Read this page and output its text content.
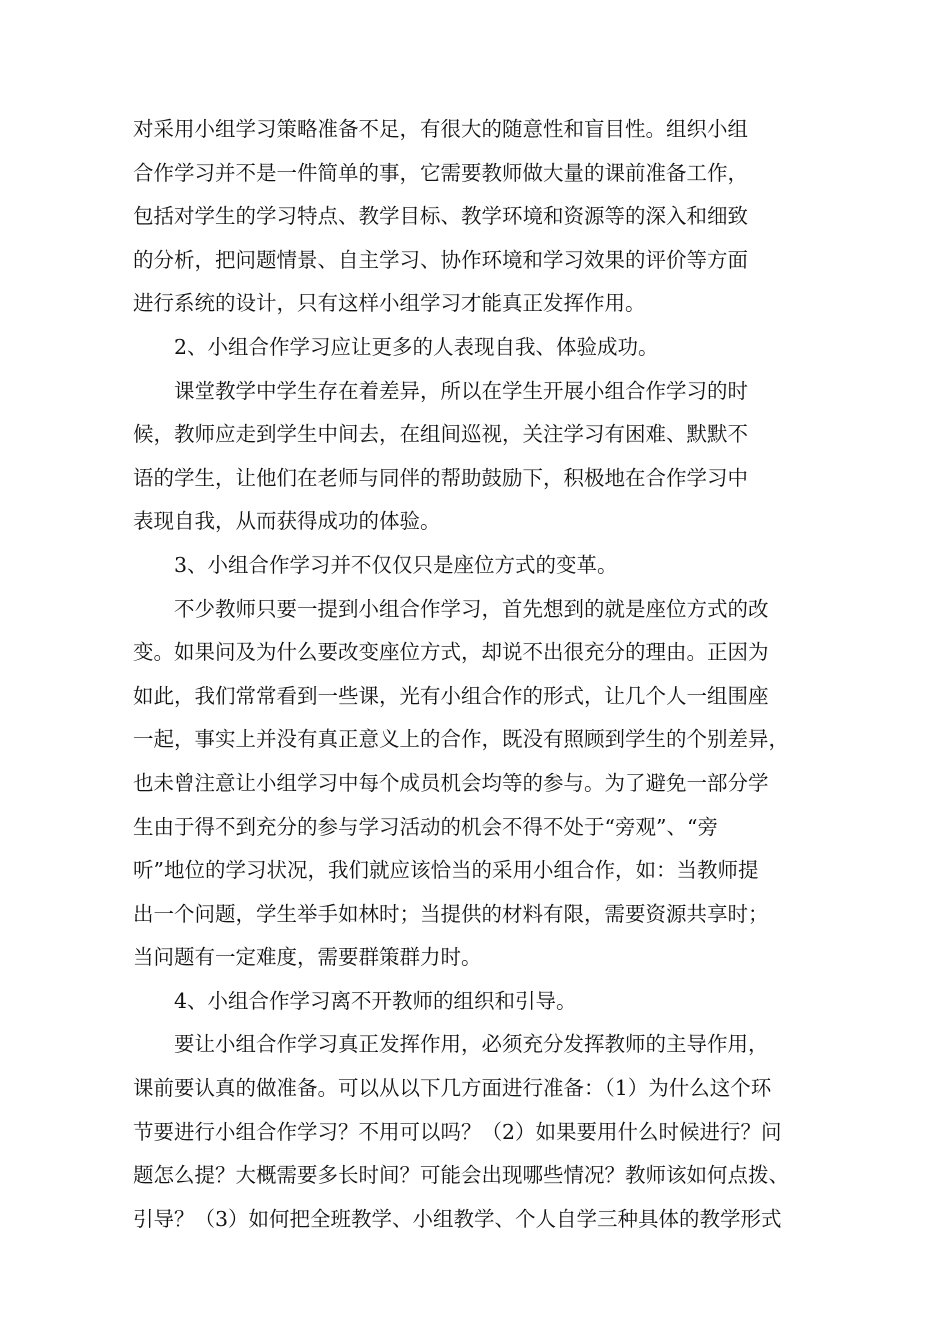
对采用小组学习策略准备不足，有很大的随意性和盲目性。组织小组
合作学习并不是一件简单的事，它需要教师做大量的课前准备工作，
包括对学生的学习特点、教学目标、教学环境和资源等的深入和细致
的分析，把问题情景、自主学习、协作环境和学习效果的评价等方面
进行系统的设计，只有这样小组学习才能真正发挥作用。
2、小组合作学习应让更多的人表现自我、体验成功。
课堂教学中学生存在着差异，所以在学生开展小组合作学习的时
候，教师应走到学生中间去，在组间巡视，关注学习有困难、默默不
语的学生，让他们在老师与同伴的帮助鼓励下，积极地在合作学习中
表现自我，从而获得成功的体验。
3、小组合作学习并不仅仅只是座位方式的变革。
不少教师只要一提到小组合作学习，首先想到的就是座位方式的改
变。如果问及为什么要改变座位方式，却说不出很充分的理由。正因为
如此，我们常常看到一些课，光有小组合作的形式，让几个人一组围座
一起，事实上并没有真正意义上的合作，既没有照顾到学生的个别差异，
也未曾注意让小组学习中每个成员机会均等的参与。为了避免一部分学
生由于得不到充分的参与学习活动的机会不得不处于“旁观”、“旁
听”地位的学习状况，我们就应该恰当的采用小组合作，如：当教师提
出一个问题，学生举手如林时；当提供的材料有限，需要资源共享时；
当问题有一定难度，需要群策群力时。
4、小组合作学习离不开教师的组织和引导。
要让小组合作学习真正发挥作用，必须充分发挥教师的主导作用，
课前要认真的做准备。可以从以下几方面进行准备：（1）为什么这个环
节要进行小组合作学习？不用可以吗？（2）如果要用什么时候进行？问
题怎么提？大概需要多长时间？可能会出现哪些情况？教师该如何点拨、
引导？（3）如何把全班教学、小组教学、个人自学三种具体的教学形式
